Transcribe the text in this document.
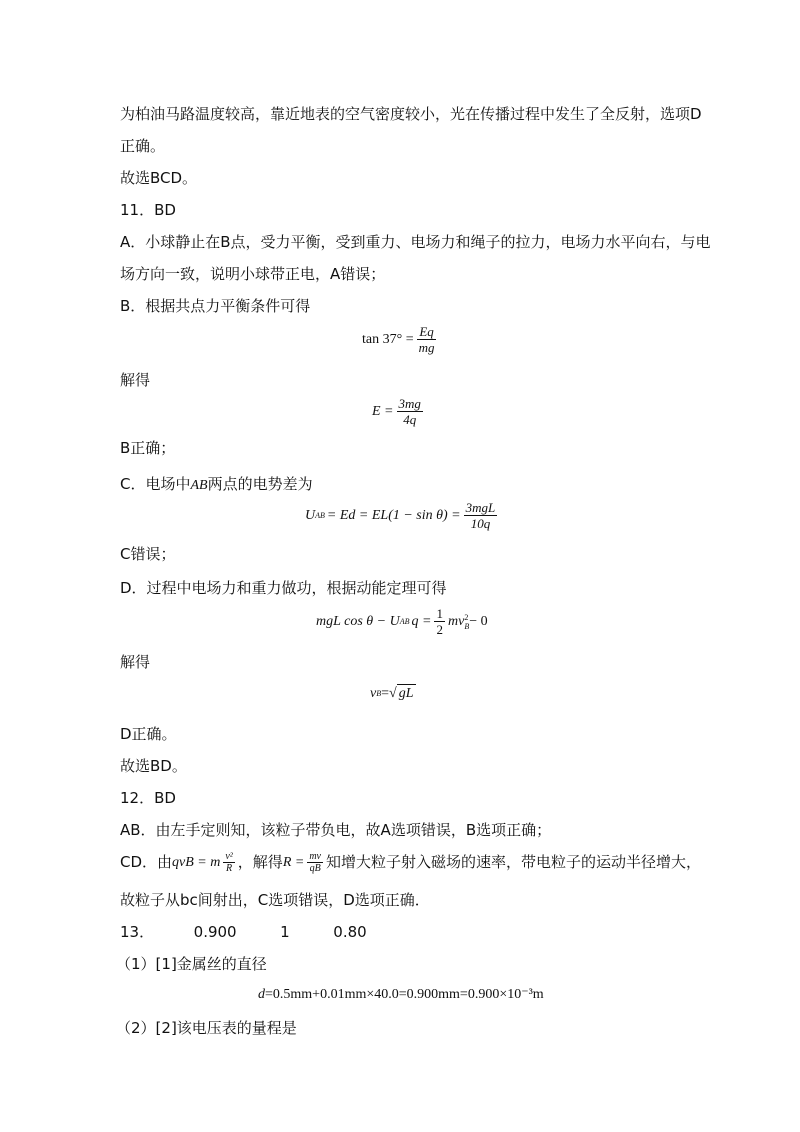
为柏油马路温度较高，靠近地表的空气密度较小，光在传播过程中发生了全反射，选项D
正确。
故选BCD。
11．BD
A．小球静止在B点，受力平衡，受到重力、电场力和绳子的拉力，电场力水平向右，与电
场方向一致，说明小球带正电，A错误；
B．根据共点力平衡条件可得
$\tan 37^\circ = \frac{Eq}{mg}$
解得
$E = \frac{3mg}{4q}$
B正确；
C．电场中AB两点的电势差为
U AB = $Ed = EL(1 - \sin \theta) = \frac{\text{3mgL}}{10q}$
C错误；
D．过程中电场力和重力做功，根据动能定理可得
mgL cos θ − U AB $q = \frac{1}{2}$ mv 2
B − 0
解得
v B = √ gL
D正确。
故选BD。
12．BD
AB．由左手定则知，该粒子带负电，故A选项错误，B选项正确；
CD．由 qvB = m $\frac{\text{v²}}{R}$ ，解得 $R = \frac{mv}{qB}$ 知增大粒子射入磁场的速率，带电粒子的运动半径增大，
故粒子从bc间射出，C选项错误，D选项正确．
13．	0.900	1	0.80
（1）[1]金属丝的直径
d=0.5mm+0.01mm×40.0=0.900mm=0.900×10⁻³m
（2）[2]该电压表的量程是
